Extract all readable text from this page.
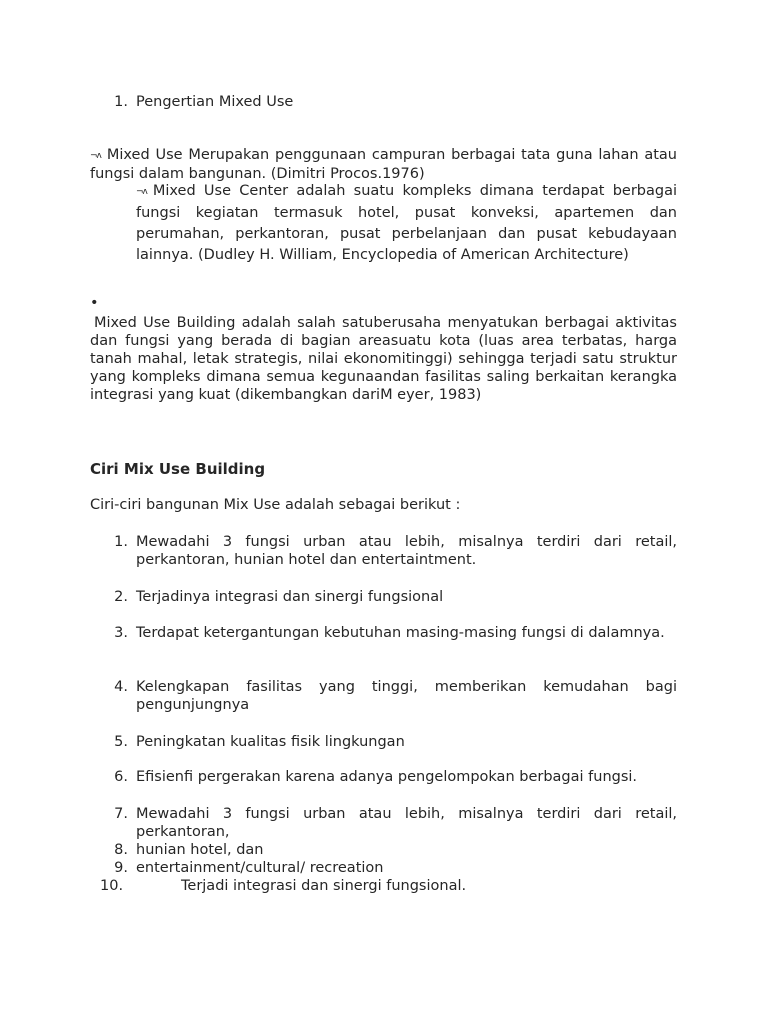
1. Pengertian Mixed Use
¬ʌ Mixed Use Merupakan penggunaan campuran berbagai tata guna lahan atau fungsi dalam bangunan. (Dimitri Procos.1976)
¬ʌ Mixed Use Center adalah suatu kompleks dimana terdapat berbagai fungsi kegiatan termasuk hotel, pusat konveksi, apartemen dan perumahan, perkantoran, pusat perbelanjaan dan pusat kebudayaan lainnya. (Dudley H. William, Encyclopedia of American Architecture)
•
Mixed Use Building adalah salah satuberusaha menyatukan berbagai aktivitas dan fungsi yang berada di bagian areasuatu kota (luas area terbatas, harga tanah mahal, letak strategis, nilai ekonomitinggi) sehingga terjadi satu struktur yang kompleks dimana semua kegunaandan fasilitas saling berkaitan kerangka integrasi yang kuat (dikembangkan dariM eyer, 1983)
Ciri Mix Use Building
Ciri-ciri bangunan Mix Use adalah sebagai berikut :
1. Mewadahi 3 fungsi urban atau lebih, misalnya terdiri dari retail, perkantoran, hunian hotel dan entertaintment.
2. Terjadinya integrasi dan sinergi fungsional
3. Terdapat ketergantungan kebutuhan masing-masing fungsi di dalamnya.
4. Kelengkapan fasilitas yang tinggi, memberikan kemudahan bagi pengunjungnya
5. Peningkatan kualitas fisik lingkungan
6. Efisienfi pergerakan karena adanya pengelompokan berbagai fungsi.
7. Mewadahi 3 fungsi urban atau lebih, misalnya terdiri dari retail, perkantoran,
8. hunian hotel, dan
9. entertainment/cultural/ recreation
10.	Terjadi integrasi dan sinergi fungsional.
